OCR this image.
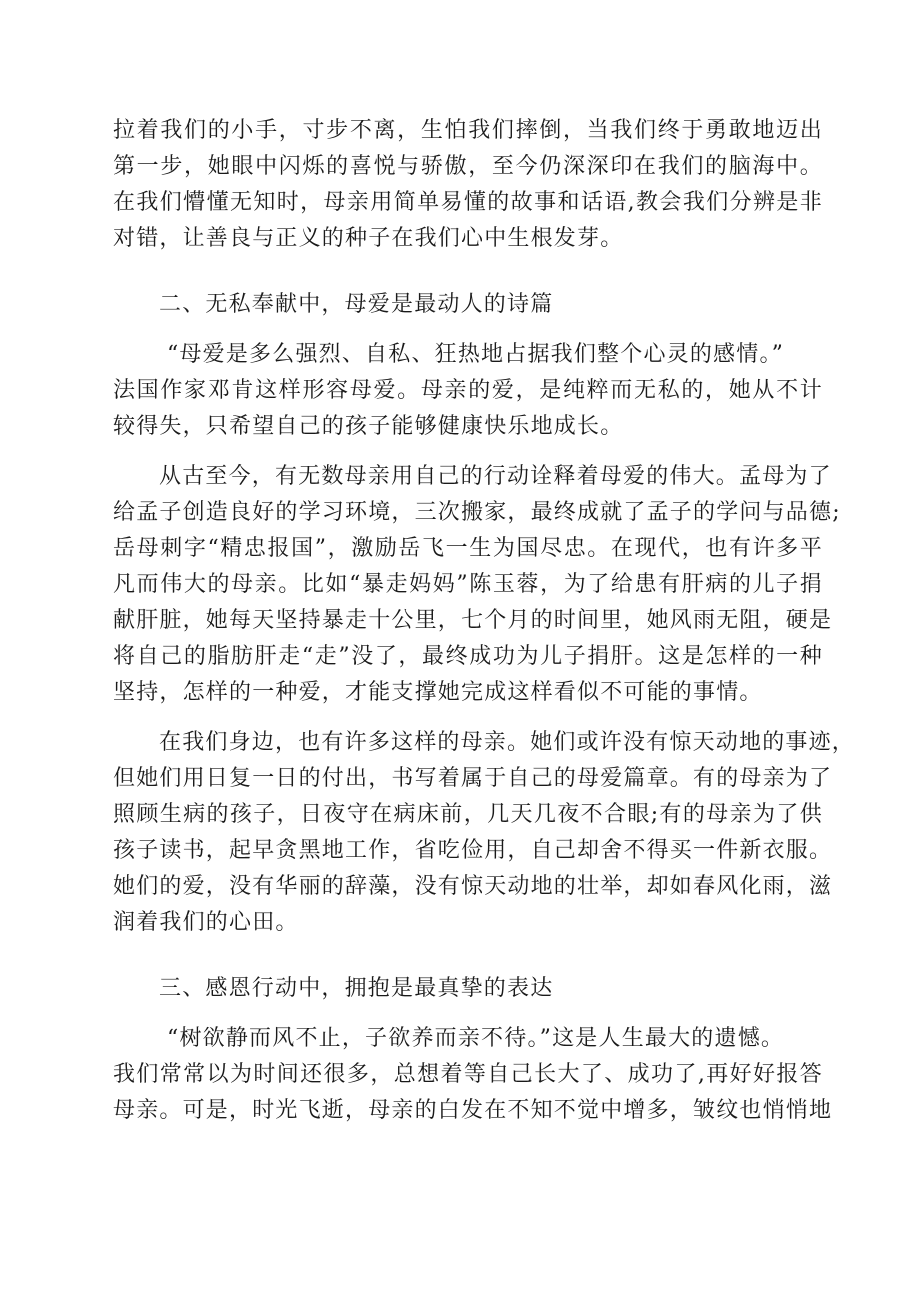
拉着我们的小手，寸步不离，生怕我们摔倒，当我们终于勇敢地迈出
第一步，她眼中闪烁的喜悦与骄傲，至今仍深深印在我们的脑海中。
在我们懵懂无知时，母亲用简单易懂的故事和话语,教会我们分辨是非
对错，让善良与正义的种子在我们心中生根发芽。
二、无私奉献中，母爱是最动人的诗篇
“母爱是多么强烈、自私、狂热地占据我们整个心灵的感情。”
法国作家邓肯这样形容母爱。母亲的爱，是纯粹而无私的，她从不计
较得失，只希望自己的孩子能够健康快乐地成长。
从古至今，有无数母亲用自己的行动诠释着母爱的伟大。孟母为了
给孟子创造良好的学习环境，三次搬家，最终成就了孟子的学问与品德;
岳母刺字“精忠报国”，激励岳飞一生为国尽忠。在现代，也有许多平
凡而伟大的母亲。比如“暴走妈妈”陈玉蓉，为了给患有肝病的儿子捐
献肝脏，她每天坚持暴走十公里，七个月的时间里，她风雨无阻，硬是
将自己的脂肪肝走“走”没了，最终成功为儿子捐肝。这是怎样的一种
坚持，怎样的一种爱，才能支撑她完成这样看似不可能的事情。
在我们身边，也有许多这样的母亲。她们或许没有惊天动地的事迹，
但她们用日复一日的付出，书写着属于自己的母爱篇章。有的母亲为了
照顾生病的孩子，日夜守在病床前，几天几夜不合眼;有的母亲为了供
孩子读书，起早贪黑地工作，省吃俭用，自己却舍不得买一件新衣服。
她们的爱，没有华丽的辞藻，没有惊天动地的壮举，却如春风化雨，滋
润着我们的心田。
三、感恩行动中，拥抱是最真挚的表达
“树欲静而风不止，子欲养而亲不待。”这是人生最大的遗憾。
我们常常以为时间还很多，总想着等自己长大了、成功了,再好好报答
母亲。可是，时光飞逝，母亲的白发在不知不觉中增多，皱纹也悄悄地
